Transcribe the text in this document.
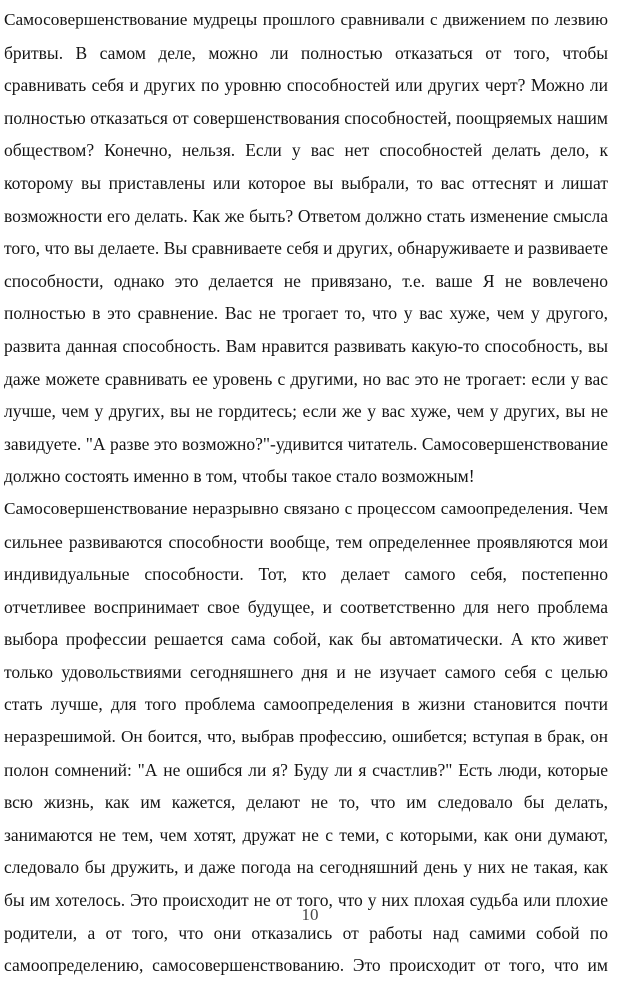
Самосовершенствование мудрецы прошлого сравнивали с движением по лезвию
бритвы. В самом деле, можно ли полностью отказаться от того, чтобы
сравнивать себя и других по уровню способностей или других черт? Можно ли
полностью отказаться от совершенствования способностей, поощряемых нашим
обществом? Конечно, нельзя. Если у вас нет способностей делать дело, к
которому вы приставлены или которое вы выбрали, то вас оттеснят и лишат
возможности его делать. Как же быть? Ответом должно стать изменение смысла
того, что вы делаете. Вы сравниваете себя и других, обнаруживаете и развиваете
способности, однако это делается не привязано, т.е. ваше Я не вовлечено
полностью в это сравнение. Вас не трогает то, что у вас хуже, чем у другого,
развита данная способность. Вам нравится развивать какую-то способность, вы
даже можете сравнивать ее уровень с другими, но вас это не трогает: если у вас
лучше, чем у других, вы не гордитесь; если же у вас хуже, чем у других, вы не
завидуете. "А разве это возможно?"-удивится читатель. Самосовершенствование
должно состоять именно в том, чтобы такое стало возможным!

Самосовершенствование неразрывно связано с процессом самоопределения. Чем
сильнее развиваются способности вообще, тем определеннее проявляются мои
индивидуальные способности. Тот, кто делает самого себя, постепенно
отчетливее воспринимает свое будущее, и соответственно для него проблема
выбора профессии решается сама собой, как бы автоматически. А кто живет
только удовольствиями сегодняшнего дня и не изучает самого себя с целью
стать лучше, для того проблема самоопределения в жизни становится почти
неразрешимой. Он боится, что, выбрав профессию, ошибется; вступая в брак, он
полон сомнений: "А не ошибся ли я? Буду ли я счастлив?" Есть люди, которые
всю жизнь, как им кажется, делают не то, что им следовало бы делать,
занимаются не тем, чем хотят, дружат не с теми, с которыми, как они думают,
следовало бы дружить, и даже погода на сегодняшний день у них не такая, как
бы им хотелось. Это происходит не от того, что у них плохая судьба или плохие
родители, а от того, что они отказались от работы над самими собой по
самоопределению, самосовершенствованию. Это происходит от того, что им

10
